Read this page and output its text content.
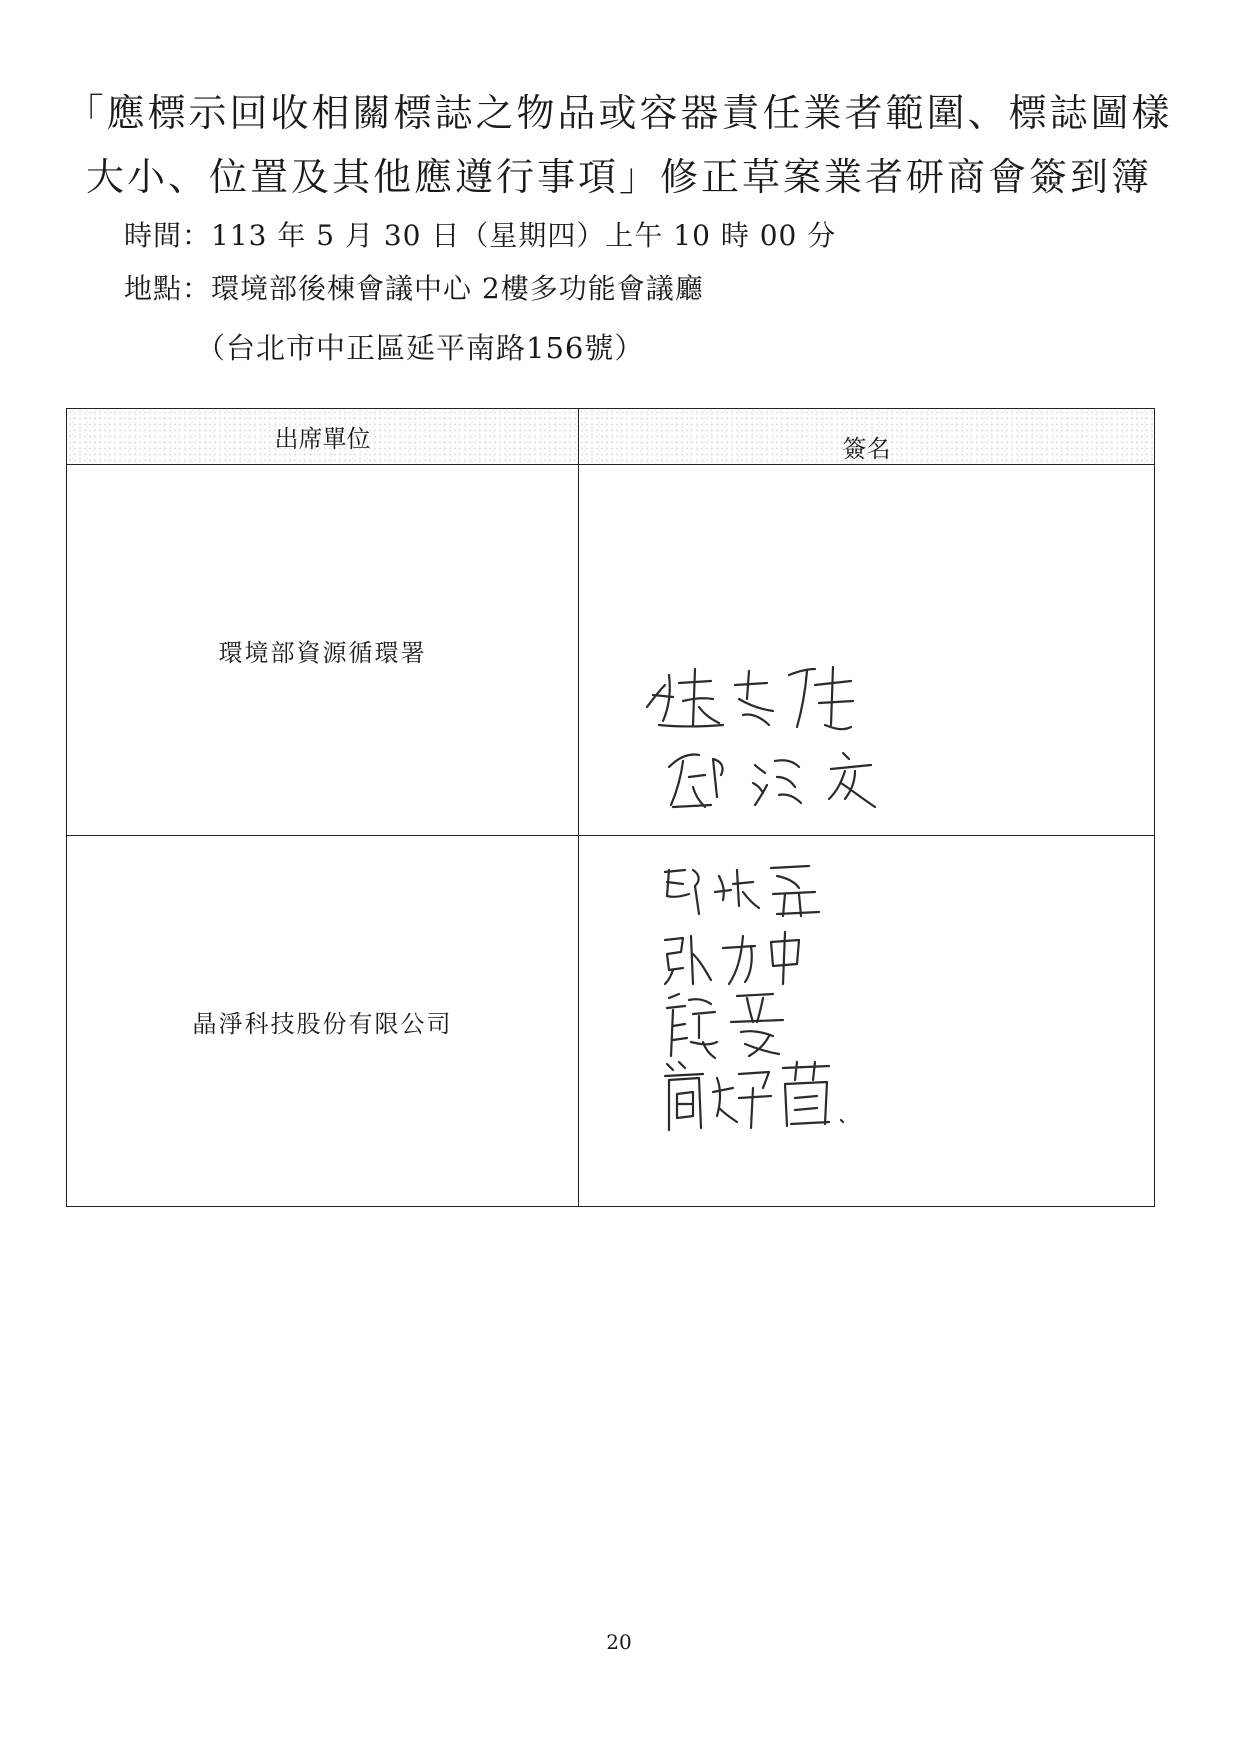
「應標示回收相關標誌之物品或容器責任業者範圍、標誌圖樣
大小、位置及其他應遵行事項」修正草案業者研商會簽到簿
時間：113 年 5 月 30 日（星期四）上午 10 時 00 分
地點：環境部後棟會議中心 2樓多功能會議廳
（台北市中正區延平南路156號）
出席單位	簽名
環境部資源循環署	

晶淨科技股份有限公司	
20
